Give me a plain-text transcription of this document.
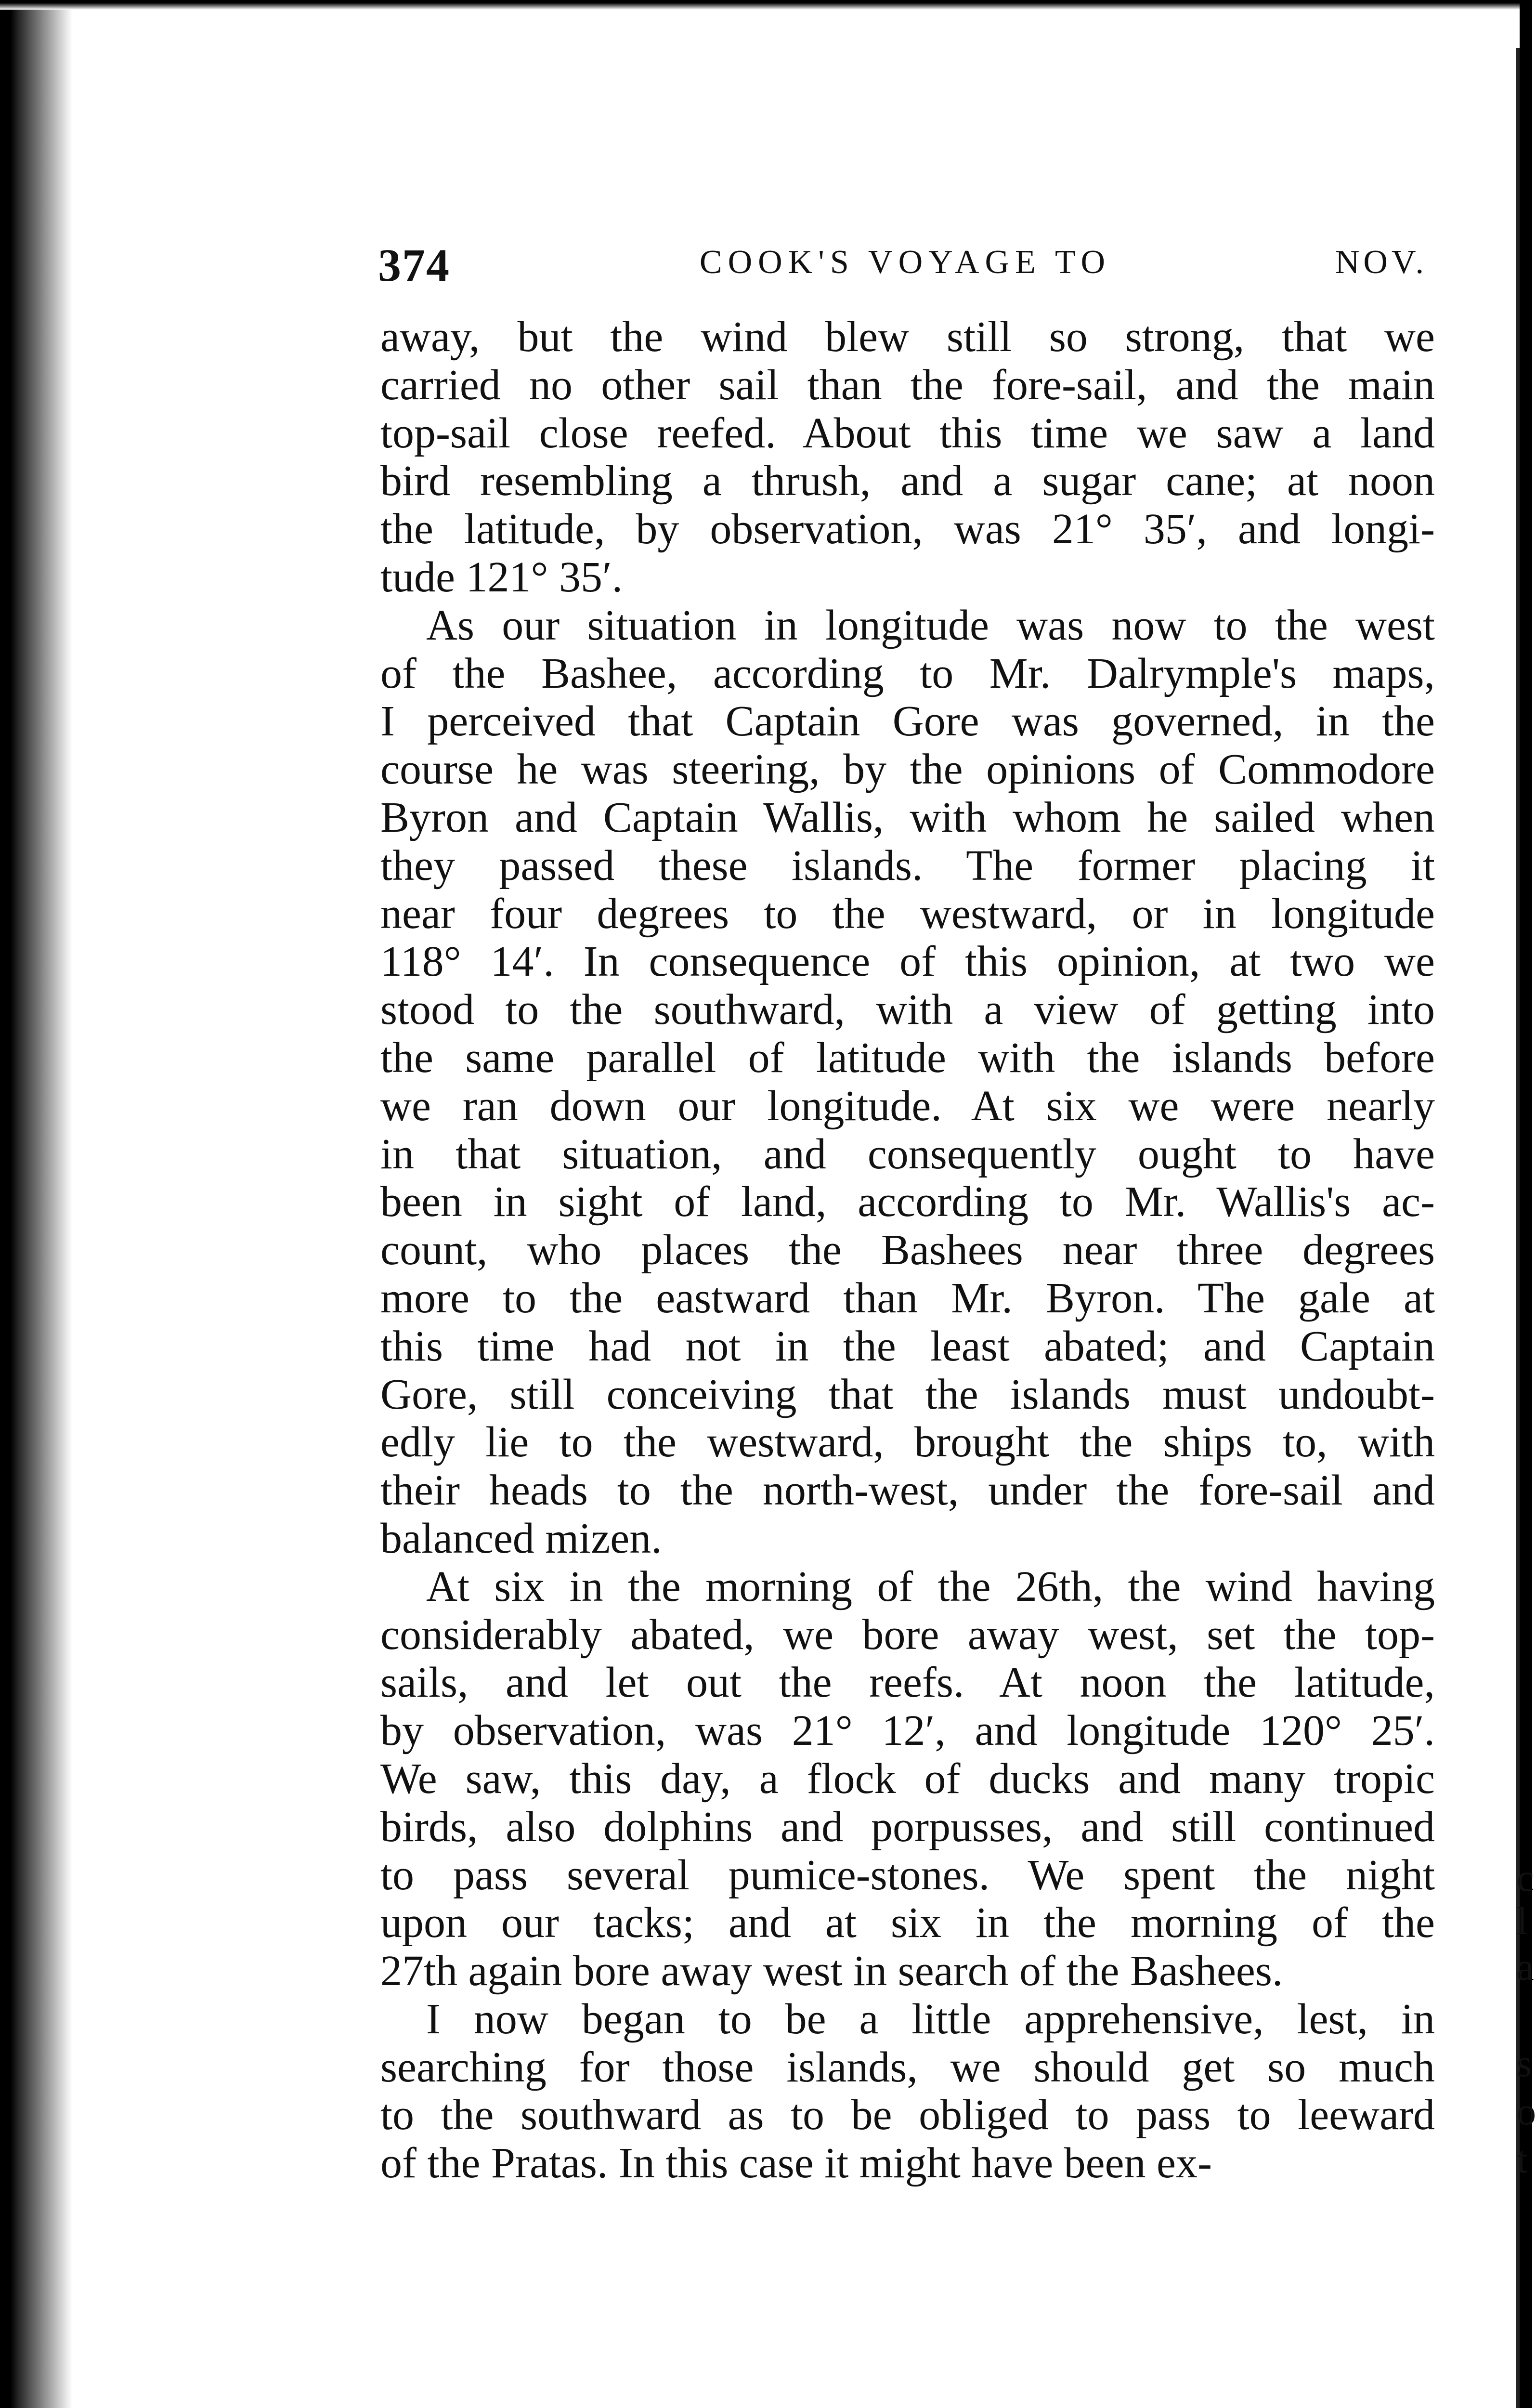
c
l
a
s
o
t
374	COOK'S VOYAGE TO	NOV.
away, but the wind blew still so strong, that we
carried no other sail than the fore-sail, and the main
top-sail close reefed. About this time we saw a land
bird resembling a thrush, and a sugar cane; at noon
the latitude, by observation, was 21° 35′, and longi-
tude 121° 35′.
As our situation in longitude was now to the west
of the Bashee, according to Mr. Dalrymple's maps,
I perceived that Captain Gore was governed, in the
course he was steering, by the opinions of Commodore
Byron and Captain Wallis, with whom he sailed when
they passed these islands. The former placing it
near four degrees to the westward, or in longitude
118° 14′. In consequence of this opinion, at two we
stood to the southward, with a view of getting into
the same parallel of latitude with the islands before
we ran down our longitude. At six we were nearly
in that situation, and consequently ought to have
been in sight of land, according to Mr. Wallis's ac-
count, who places the Bashees near three degrees
more to the eastward than Mr. Byron. The gale at
this time had not in the least abated; and Captain
Gore, still conceiving that the islands must undoubt-
edly lie to the westward, brought the ships to, with
their heads to the north-west, under the fore-sail and
balanced mizen.
At six in the morning of the 26th, the wind having
considerably abated, we bore away west, set the top-
sails, and let out the reefs. At noon the latitude,
by observation, was 21° 12′, and longitude 120° 25′.
We saw, this day, a flock of ducks and many tropic
birds, also dolphins and porpusses, and still continued
to pass several pumice-stones. We spent the night
upon our tacks; and at six in the morning of the
27th again bore away west in search of the Bashees.
I now began to be a little apprehensive, lest, in
searching for those islands, we should get so much
to the southward as to be obliged to pass to leeward
of the Pratas. In this case it might have been ex-
